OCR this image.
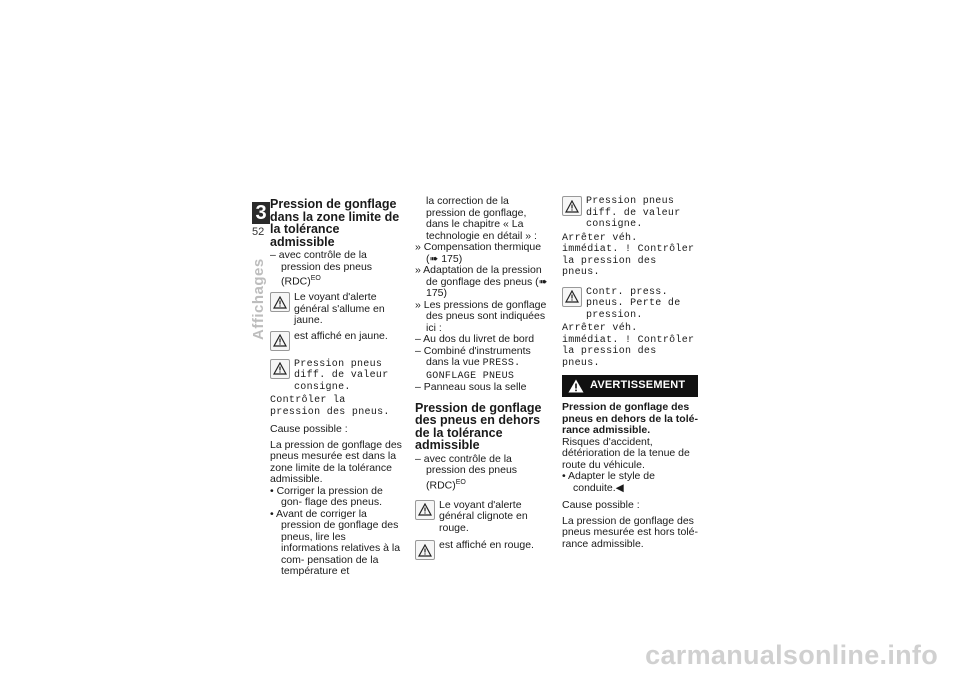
3
52
Affichages
Pression de gonflage dans la zone limite de la tolérance admissible

– avec contrôle de la pression des pneus (RDC)$^{EO}$

Le voyant d'alerte général s'allume en jaune.

est affiché en jaune.

Pression pneus diff. de valeur consigne.

Contrôler la pression des pneus.

Cause possible :

La pression de gonflage des pneus mesurée est dans la zone limite de la tolérance admissible.

• Corriger la pression de gon- flage des pneus.

• Avant de corriger la pression de gonflage des pneus, lire les informations relatives à la com- pensation de la température et

la correction de la pression de gonflage, dans le chapitre « La technologie en détail » :

» Compensation thermique (➠ 175)

» Adaptation de la pression de gonflage des pneus (➠ 175)

» Les pressions de gonflage des pneus sont indiquées ici :

– Au dos du livret de bord

– Combiné d'instruments dans la vue PRESS. GONFLAGE PNEUS

– Panneau sous la selle

Pression de gonflage des pneus en dehors de la tolérance admissible

– avec contrôle de la pression des pneus (RDC)$^{EO}$

Le voyant d'alerte général clignote en rouge.

est affiché en rouge.

Pression pneus diff. de valeur consigne.

Arrêter véh. immédiat. ! Contrôler la pression des pneus.

Contr. press. pneus. Perte de pression.

Arrêter véh. immédiat. ! Contrôler la pression des pneus.

AVERTISSEMENT

Pression de gonflage des pneus en dehors de la tolé- rance admissible.

Risques d'accident, détérioration de la tenue de route du véhicule.

• Adapter le style de conduite.◀

Cause possible :

La pression de gonflage des pneus mesurée est hors tolé- rance admissible.

carmanualsonline.info
